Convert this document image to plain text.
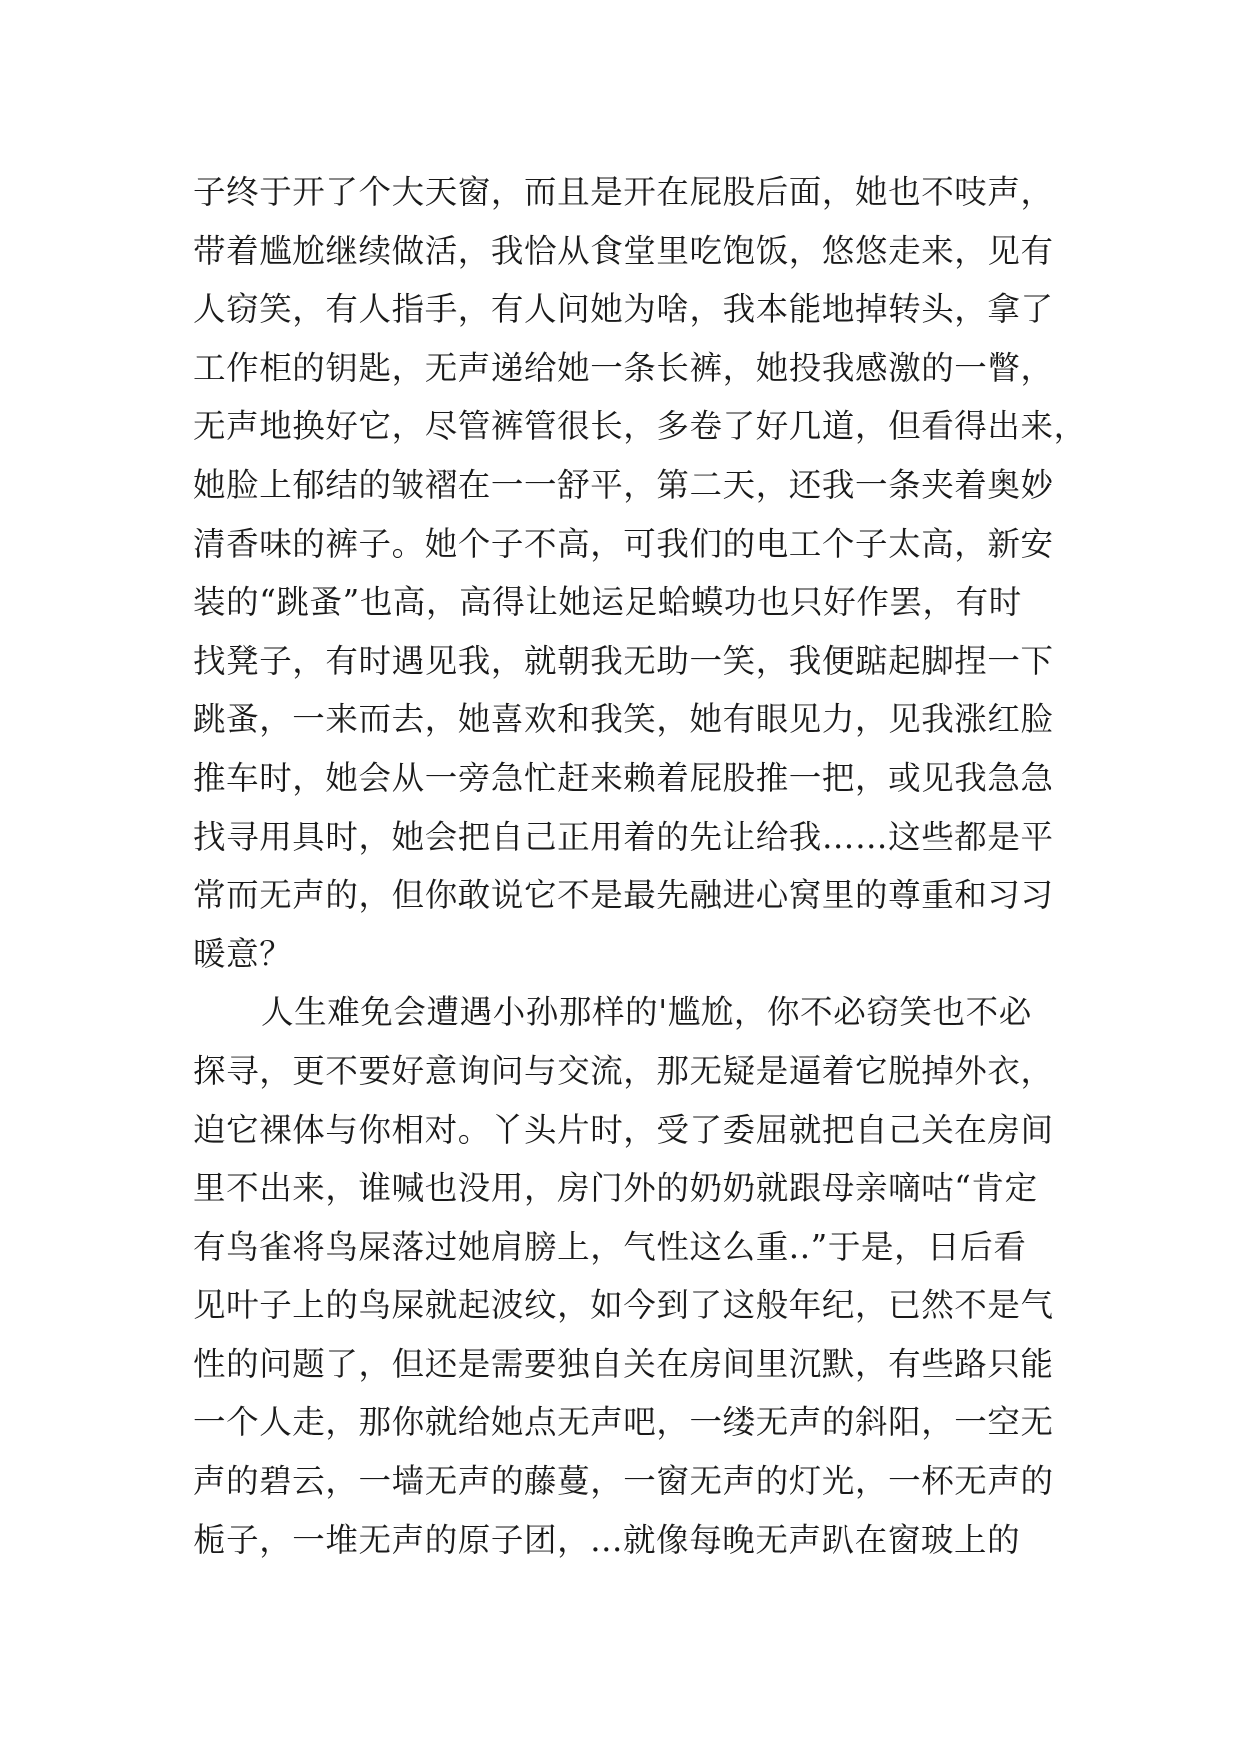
子终于开了个大天窗，而且是开在屁股后面，她也不吱声，
带着尴尬继续做活，我恰从食堂里吃饱饭，悠悠走来，见有
人窃笑，有人指手，有人问她为啥，我本能地掉转头，拿了
工作柜的钥匙，无声递给她一条长裤，她投我感激的一瞥，
无声地换好它，尽管裤管很长，多卷了好几道，但看得出来，
她脸上郁结的皱褶在一一舒平，第二天，还我一条夹着奥妙
清香味的裤子。她个子不高，可我们的电工个子太高，新安
装的“跳蚤”也高，高得让她运足蛤蟆功也只好作罢，有时
找凳子，有时遇见我，就朝我无助一笑，我便踮起脚捏一下
跳蚤，一来而去，她喜欢和我笑，她有眼见力，见我涨红脸
推车时，她会从一旁急忙赶来赖着屁股推一把，或见我急急
找寻用具时，她会把自己正用着的先让给我……这些都是平
常而无声的，但你敢说它不是最先融进心窝里的尊重和习习
暖意？
人生难免会遭遇小孙那样的'尴尬，你不必窃笑也不必
探寻，更不要好意询问与交流，那无疑是逼着它脱掉外衣，
迫它裸体与你相对。丫头片时，受了委屈就把自己关在房间
里不出来，谁喊也没用，房门外的奶奶就跟母亲嘀咕“肯定
有鸟雀将鸟屎落过她肩膀上，气性这么重..”于是，日后看
见叶子上的鸟屎就起波纹，如今到了这般年纪，已然不是气
性的问题了，但还是需要独自关在房间里沉默，有些路只能
一个人走，那你就给她点无声吧，一缕无声的斜阳，一空无
声的碧云，一墙无声的藤蔓，一窗无声的灯光，一杯无声的
栀子，一堆无声的原子团，...就像每晚无声趴在窗玻上的
